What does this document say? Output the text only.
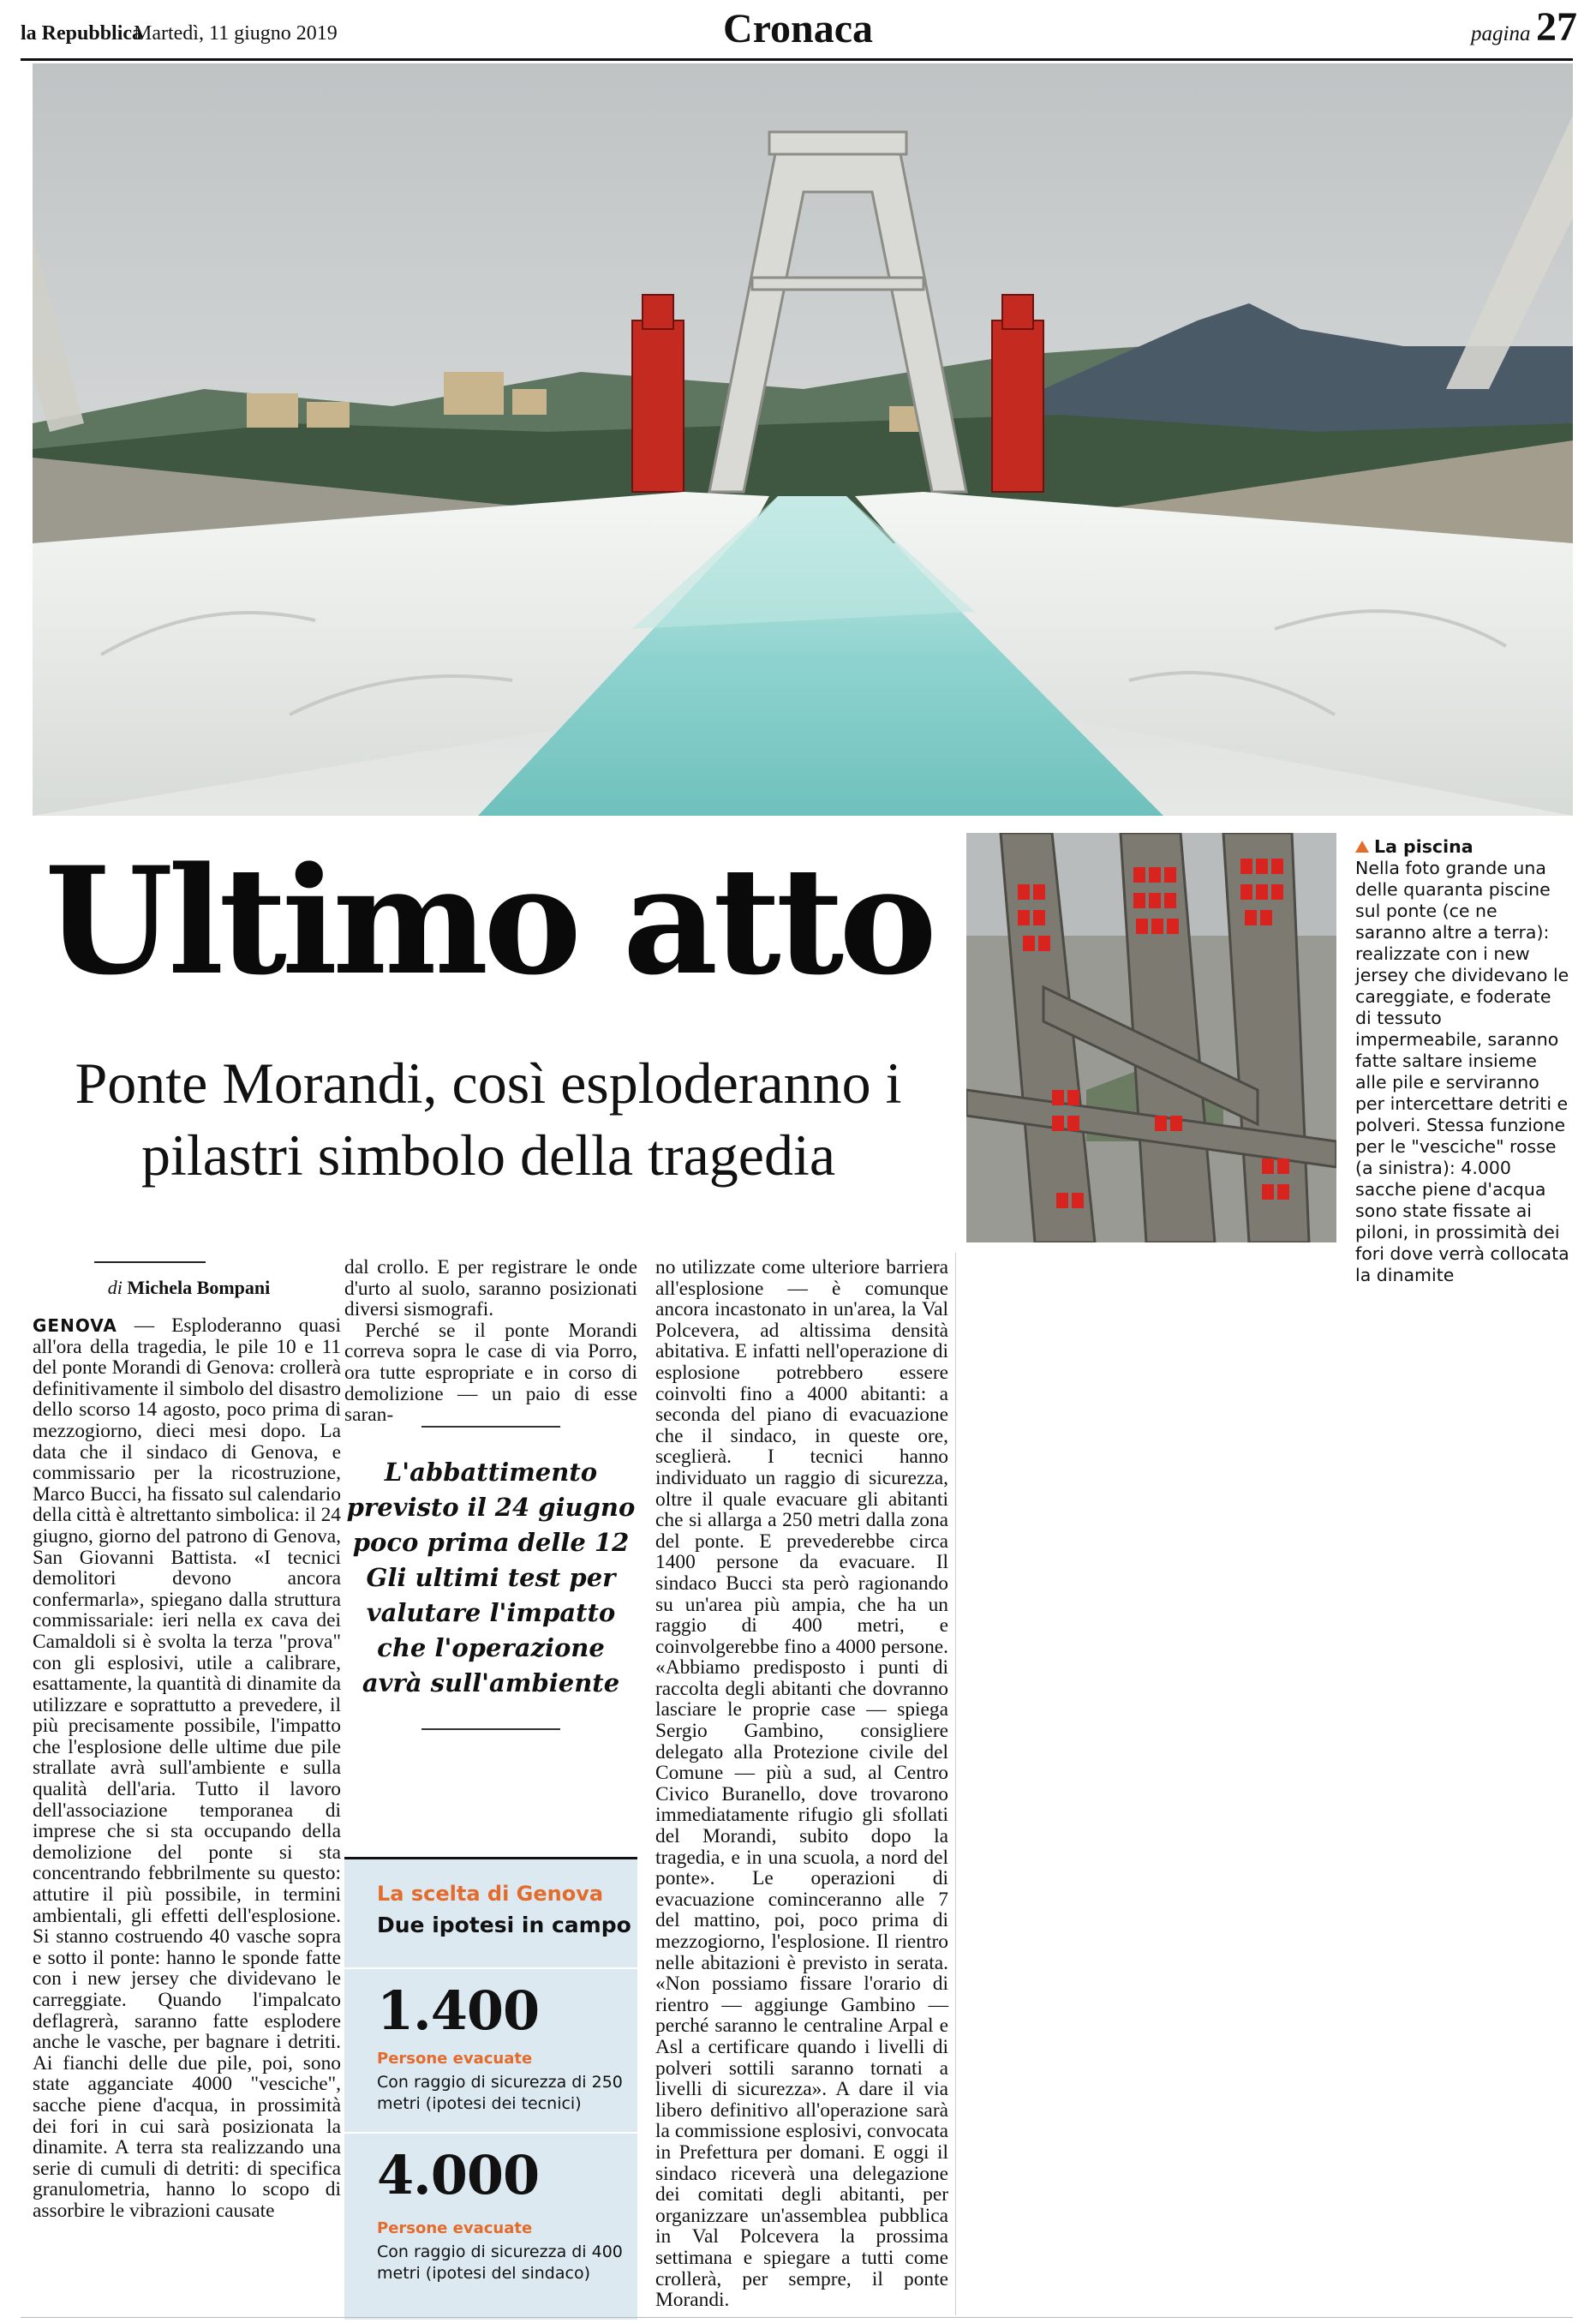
la Repubblica
Martedì, 11 giugno 2019	Cronaca	pagina 27
Ultimo atto
Ponte Morandi, così esploderanno i pilastri simbolo della tragedia
La piscina
Nella foto grande una delle quaranta piscine sul ponte (ce ne saranno altre a terra): realizzate con i new jersey che dividevano le careggiate, e foderate di tessuto impermeabile, saranno fatte saltare insieme alle pile e serviranno per intercettare detriti e polveri. Stessa funzione per le "vesciche" rosse (a sinistra): 4.000 sacche piene d'acqua sono state fissate ai piloni, in prossimità dei fori dove verrà collocata la dinamite
di Michela Bompani

GENOVA — Esploderanno quasi all'ora della tragedia, le pile 10 e 11 del ponte Morandi di Genova: crollerà definitivamente il simbolo del disastro dello scorso 14 agosto, poco prima di mezzogiorno, dieci mesi dopo. La data che il sindaco di Genova, e commissario per la ricostruzione, Marco Bucci, ha fissato sul calendario della città è altrettanto simbolica: il 24 giugno, giorno del patrono di Genova, San Giovanni Battista. «I tecnici demolitori devono ancora confermarla», spiegano dalla struttura commissariale: ieri nella ex cava dei Camaldoli si è svolta la terza "prova" con gli esplosivi, utile a calibrare, esattamente, la quantità di dinamite da utilizzare e soprattutto a prevedere, il più precisamente possibile, l'impatto che l'esplosione delle ultime due pile strallate avrà sull'ambiente e sulla qualità dell'aria. Tutto il lavoro dell'associazione temporanea di imprese che si sta occupando della demolizione del ponte si sta concentrando febbrilmente su questo: attutire il più possibile, in termini ambientali, gli effetti dell'esplosione. Si stanno costruendo 40 vasche sopra e sotto il ponte: hanno le sponde fatte con i new jersey che dividevano le carreggiate. Quando l'impalcato deflagrerà, saranno fatte esplodere anche le vasche, per bagnare i detriti. Ai fianchi delle due pile, poi, sono state agganciate 4000 "vesciche", sacche piene d'acqua, in prossimità dei fori in cui sarà posizionata la dinamite. A terra sta realizzando una serie di cumuli di detriti: di specifica granulometria, hanno lo scopo di assorbire le vibrazioni causate

dal crollo. E per registrare le onde d'urto al suolo, saranno posizionati diversi sismografi.

Perché se il ponte Morandi correva sopra le case di via Porro, ora tutte espropriate e in corso di demolizione — un paio di esse saran-

L'abbattimento previsto il 24 giugno poco prima delle 12 Gli ultimi test per valutare l'impatto che l'operazione avrà sull'ambiente
La scelta di Genova
Due ipotesi in campo
1.400
Persone evacuate
Con raggio di sicurezza di 250 metri (ipotesi dei tecnici)
4.000
Persone evacuate
Con raggio di sicurezza di 400 metri (ipotesi del sindaco)

no utilizzate come ulteriore barriera all'esplosione — è comunque ancora incastonato in un'area, la Val Polcevera, ad altissima densità abitativa. E infatti nell'operazione di esplosione potrebbero essere coinvolti fino a 4000 abitanti: a seconda del piano di evacuazione che il sindaco, in queste ore, sceglierà. I tecnici hanno individuato un raggio di sicurezza, oltre il quale evacuare gli abitanti che si allarga a 250 metri dalla zona del ponte. E prevederebbe circa 1400 persone da evacuare. Il sindaco Bucci sta però ragionando su un'area più ampia, che ha un raggio di 400 metri, e coinvolgerebbe fino a 4000 persone. «Abbiamo predisposto i punti di raccolta degli abitanti che dovranno lasciare le proprie case — spiega Sergio Gambino, consigliere delegato alla Protezione civile del Comune — più a sud, al Centro Civico Buranello, dove trovarono immediatamente rifugio gli sfollati del Morandi, subito dopo la tragedia, e in una scuola, a nord del ponte». Le operazioni di evacuazione cominceranno alle 7 del mattino, poi, poco prima di mezzogiorno, l'esplosione. Il rientro nelle abitazioni è previsto in serata. «Non possiamo fissare l'orario di rientro — aggiunge Gambino — perché saranno le centraline Arpal e Asl a certificare quando i livelli di polveri sottili saranno tornati a livelli di sicurezza». A dare il via libero definitivo all'operazione sarà la commissione esplosivi, convocata in Prefettura per domani. E oggi il sindaco riceverà una delegazione dei comitati degli abitanti, per organizzare un'assemblea pubblica in Val Polcevera la prossima settimana e spiegare a tutti come crollerà, per sempre, il ponte Morandi.
